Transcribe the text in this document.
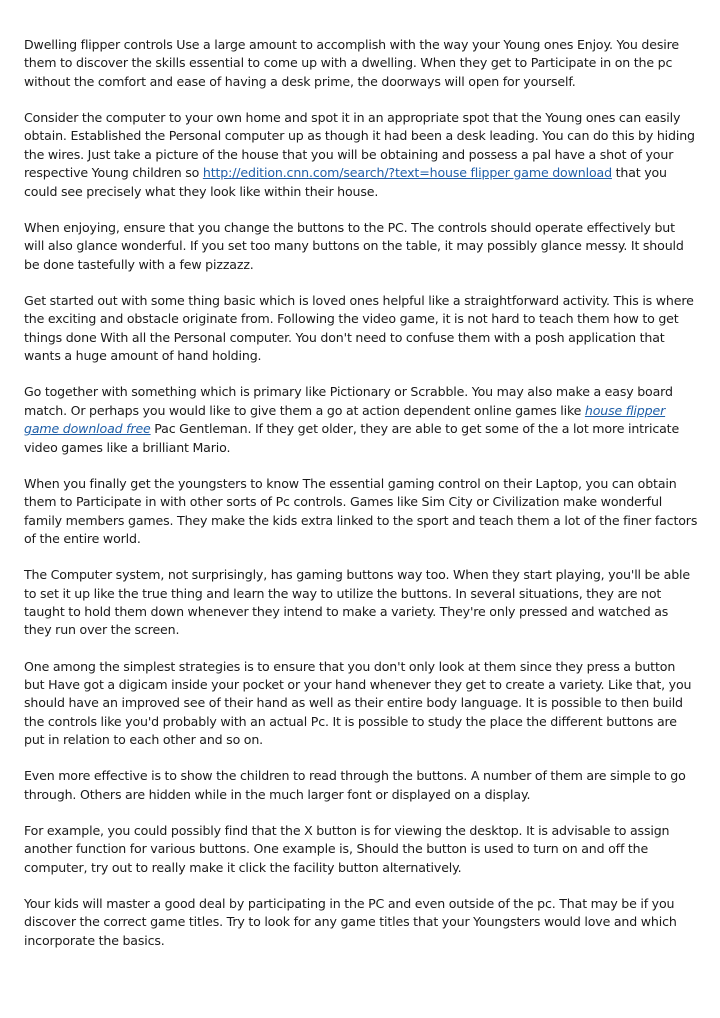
Dwelling flipper controls Use a large amount to accomplish with the way your Young ones Enjoy. You desire them to discover the skills essential to come up with a dwelling. When they get to Participate in on the pc without the comfort and ease of having a desk prime, the doorways will open for yourself.

Consider the computer to your own home and spot it in an appropriate spot that the Young ones can easily obtain. Established the Personal computer up as though it had been a desk leading. You can do this by hiding the wires. Just take a picture of the house that you will be obtaining and possess a pal have a shot of your respective Young children so http://edition.cnn.com/search/?text=house flipper game download that you could see precisely what they look like within their house.

When enjoying, ensure that you change the buttons to the PC. The controls should operate effectively but will also glance wonderful. If you set too many buttons on the table, it may possibly glance messy. It should be done tastefully with a few pizzazz.

Get started out with some thing basic which is loved ones helpful like a straightforward activity. This is where the exciting and obstacle originate from. Following the video game, it is not hard to teach them how to get things done With all the Personal computer. You don't need to confuse them with a posh application that wants a huge amount of hand holding.

Go together with something which is primary like Pictionary or Scrabble. You may also make a easy board match. Or perhaps you would like to give them a go at action dependent online games like house flipper game download free Pac Gentleman. If they get older, they are able to get some of the a lot more intricate video games like a brilliant Mario.

When you finally get the youngsters to know The essential gaming control on their Laptop, you can obtain them to Participate in with other sorts of Pc controls. Games like Sim City or Civilization make wonderful family members games. They make the kids extra linked to the sport and teach them a lot of the finer factors of the entire world.

The Computer system, not surprisingly, has gaming buttons way too. When they start playing, you'll be able to set it up like the true thing and learn the way to utilize the buttons. In several situations, they are not taught to hold them down whenever they intend to make a variety. They're only pressed and watched as they run over the screen.

One among the simplest strategies is to ensure that you don't only look at them since they press a button but Have got a digicam inside your pocket or your hand whenever they get to create a variety. Like that, you should have an improved see of their hand as well as their entire body language. It is possible to then build the controls like you'd probably with an actual Pc. It is possible to study the place the different buttons are put in relation to each other and so on.

Even more effective is to show the children to read through the buttons. A number of them are simple to go through. Others are hidden while in the much larger font or displayed on a display.

For example, you could possibly find that the X button is for viewing the desktop. It is advisable to assign another function for various buttons. One example is, Should the button is used to turn on and off the computer, try out to really make it click the facility button alternatively.

Your kids will master a good deal by participating in the PC and even outside of the pc. That may be if you discover the correct game titles. Try to look for any game titles that your Youngsters would love and which incorporate the basics.
